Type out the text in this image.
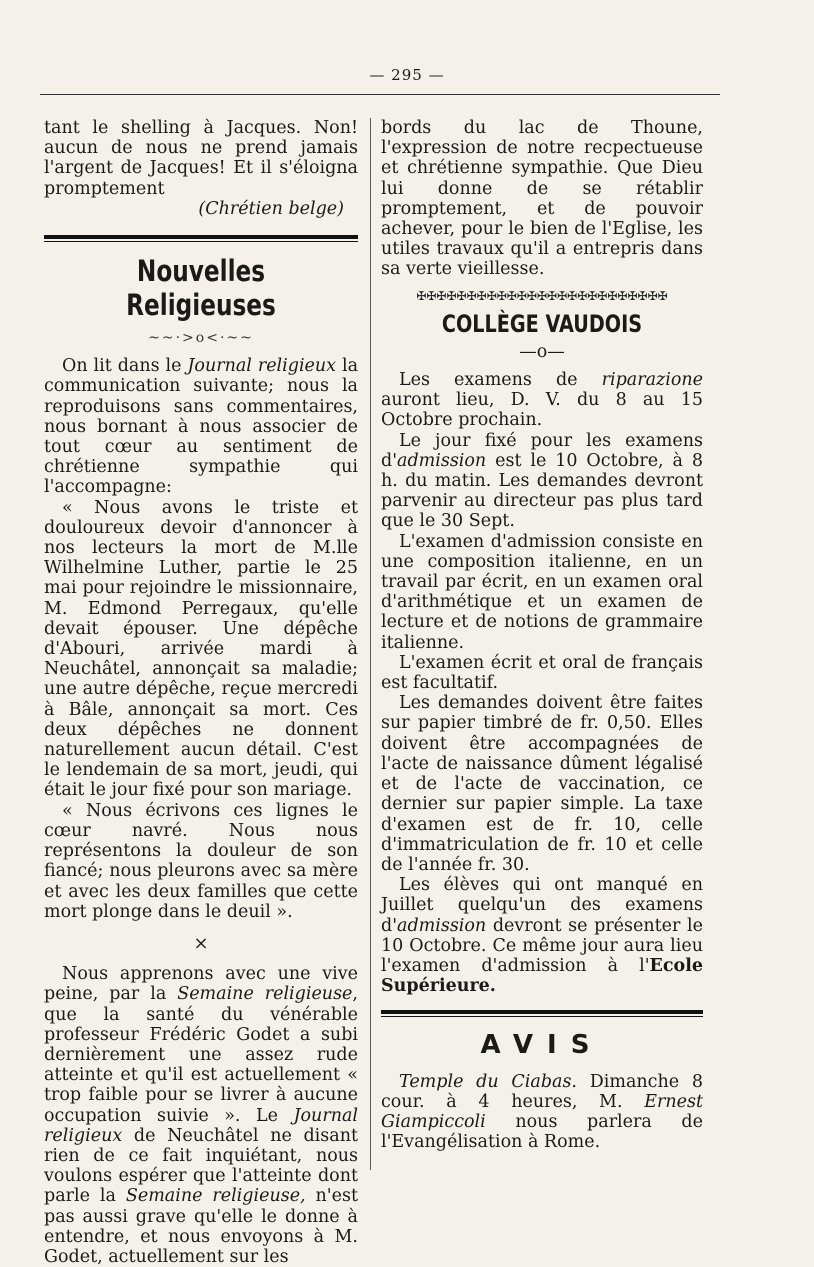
— 295 —

tant le shelling à Jacques. Non! aucun de nous ne prend jamais l'argent de Jacques! Et il s'éloigna promptement

(Chrétien belge)

Nouvelles Religieuses
~~·>o<·~~

On lit dans le Journal religieux la communication suivante; nous la reproduisons sans commentaires, nous bornant à nous associer de tout cœur au sentiment de chrétienne sympathie qui l'accompagne:

« Nous avons le triste et douloureux devoir d'annoncer à nos lecteurs la mort de M.lle Wilhelmine Luther, partie le 25 mai pour rejoindre le missionnaire, M. Edmond Perregaux, qu'elle devait épouser. Une dépêche d'Abouri, arrivée mardi à Neuchâtel, annonçait sa maladie; une autre dépêche, reçue mercredi à Bâle, annonçait sa mort. Ces deux dépêches ne donnent naturellement aucun détail. C'est le lendemain de sa mort, jeudi, qui était le jour fixé pour son mariage.

« Nous écrivons ces lignes le cœur navré. Nous nous représentons la douleur de son fiancé; nous pleurons avec sa mère et avec les deux familles que cette mort plonge dans le deuil ».

×

Nous apprenons avec une vive peine, par la Semaine religieuse, que la santé du vénérable professeur Frédéric Godet a subi dernièrement une assez rude atteinte et qu'il est actuellement « trop faible pour se livrer à aucune occupation suivie ». Le Journal religieux de Neuchâtel ne disant rien de ce fait inquiétant, nous voulons espérer que l'atteinte dont parle la Semaine religieuse, n'est pas aussi grave qu'elle le donne à entendre, et nous envoyons à M. Godet, actuellement sur les

bords du lac de Thoune, l'expression de notre recpectueuse et chrétienne sympathie. Que Dieu lui donne de se rétablir promptement, et de pouvoir achever, pour le bien de l'Eglise, les utiles travaux qu'il a entrepris dans sa verte vieillesse.

✠✠✠✠✠✠✠✠✠✠✠✠✠✠✠✠✠✠✠✠✠✠✠✠✠
COLLÈGE VAUDOIS
—o—

Les examens de riparazione auront lieu, D. V. du 8 au 15 Octobre prochain.

Le jour fixé pour les examens d'admission est le 10 Octobre, à 8 h. du matin. Les demandes devront parvenir au directeur pas plus tard que le 30 Sept.

L'examen d'admission consiste en une composition italienne, en un travail par écrit, en un examen oral d'arithmétique et un examen de lecture et de notions de grammaire italienne.

L'examen écrit et oral de français est facultatif.

Les demandes doivent être faites sur papier timbré de fr. 0,50. Elles doivent être accompagnées de l'acte de naissance dûment légalisé et de l'acte de vaccination, ce dernier sur papier simple. La taxe d'examen est de fr. 10, celle d'immatriculation de fr. 10 et celle de l'année fr. 30.

Les élèves qui ont manqué en Juillet quelqu'un des examens d'admission devront se présenter le 10 Octobre. Ce même jour aura lieu l'examen d'admission à l'Ecole Supérieure.

AVIS

Temple du Ciabas. Dimanche 8 cour. à 4 heures, M. Ernest Giampiccoli nous parlera de l'Evangélisation à Rome.
